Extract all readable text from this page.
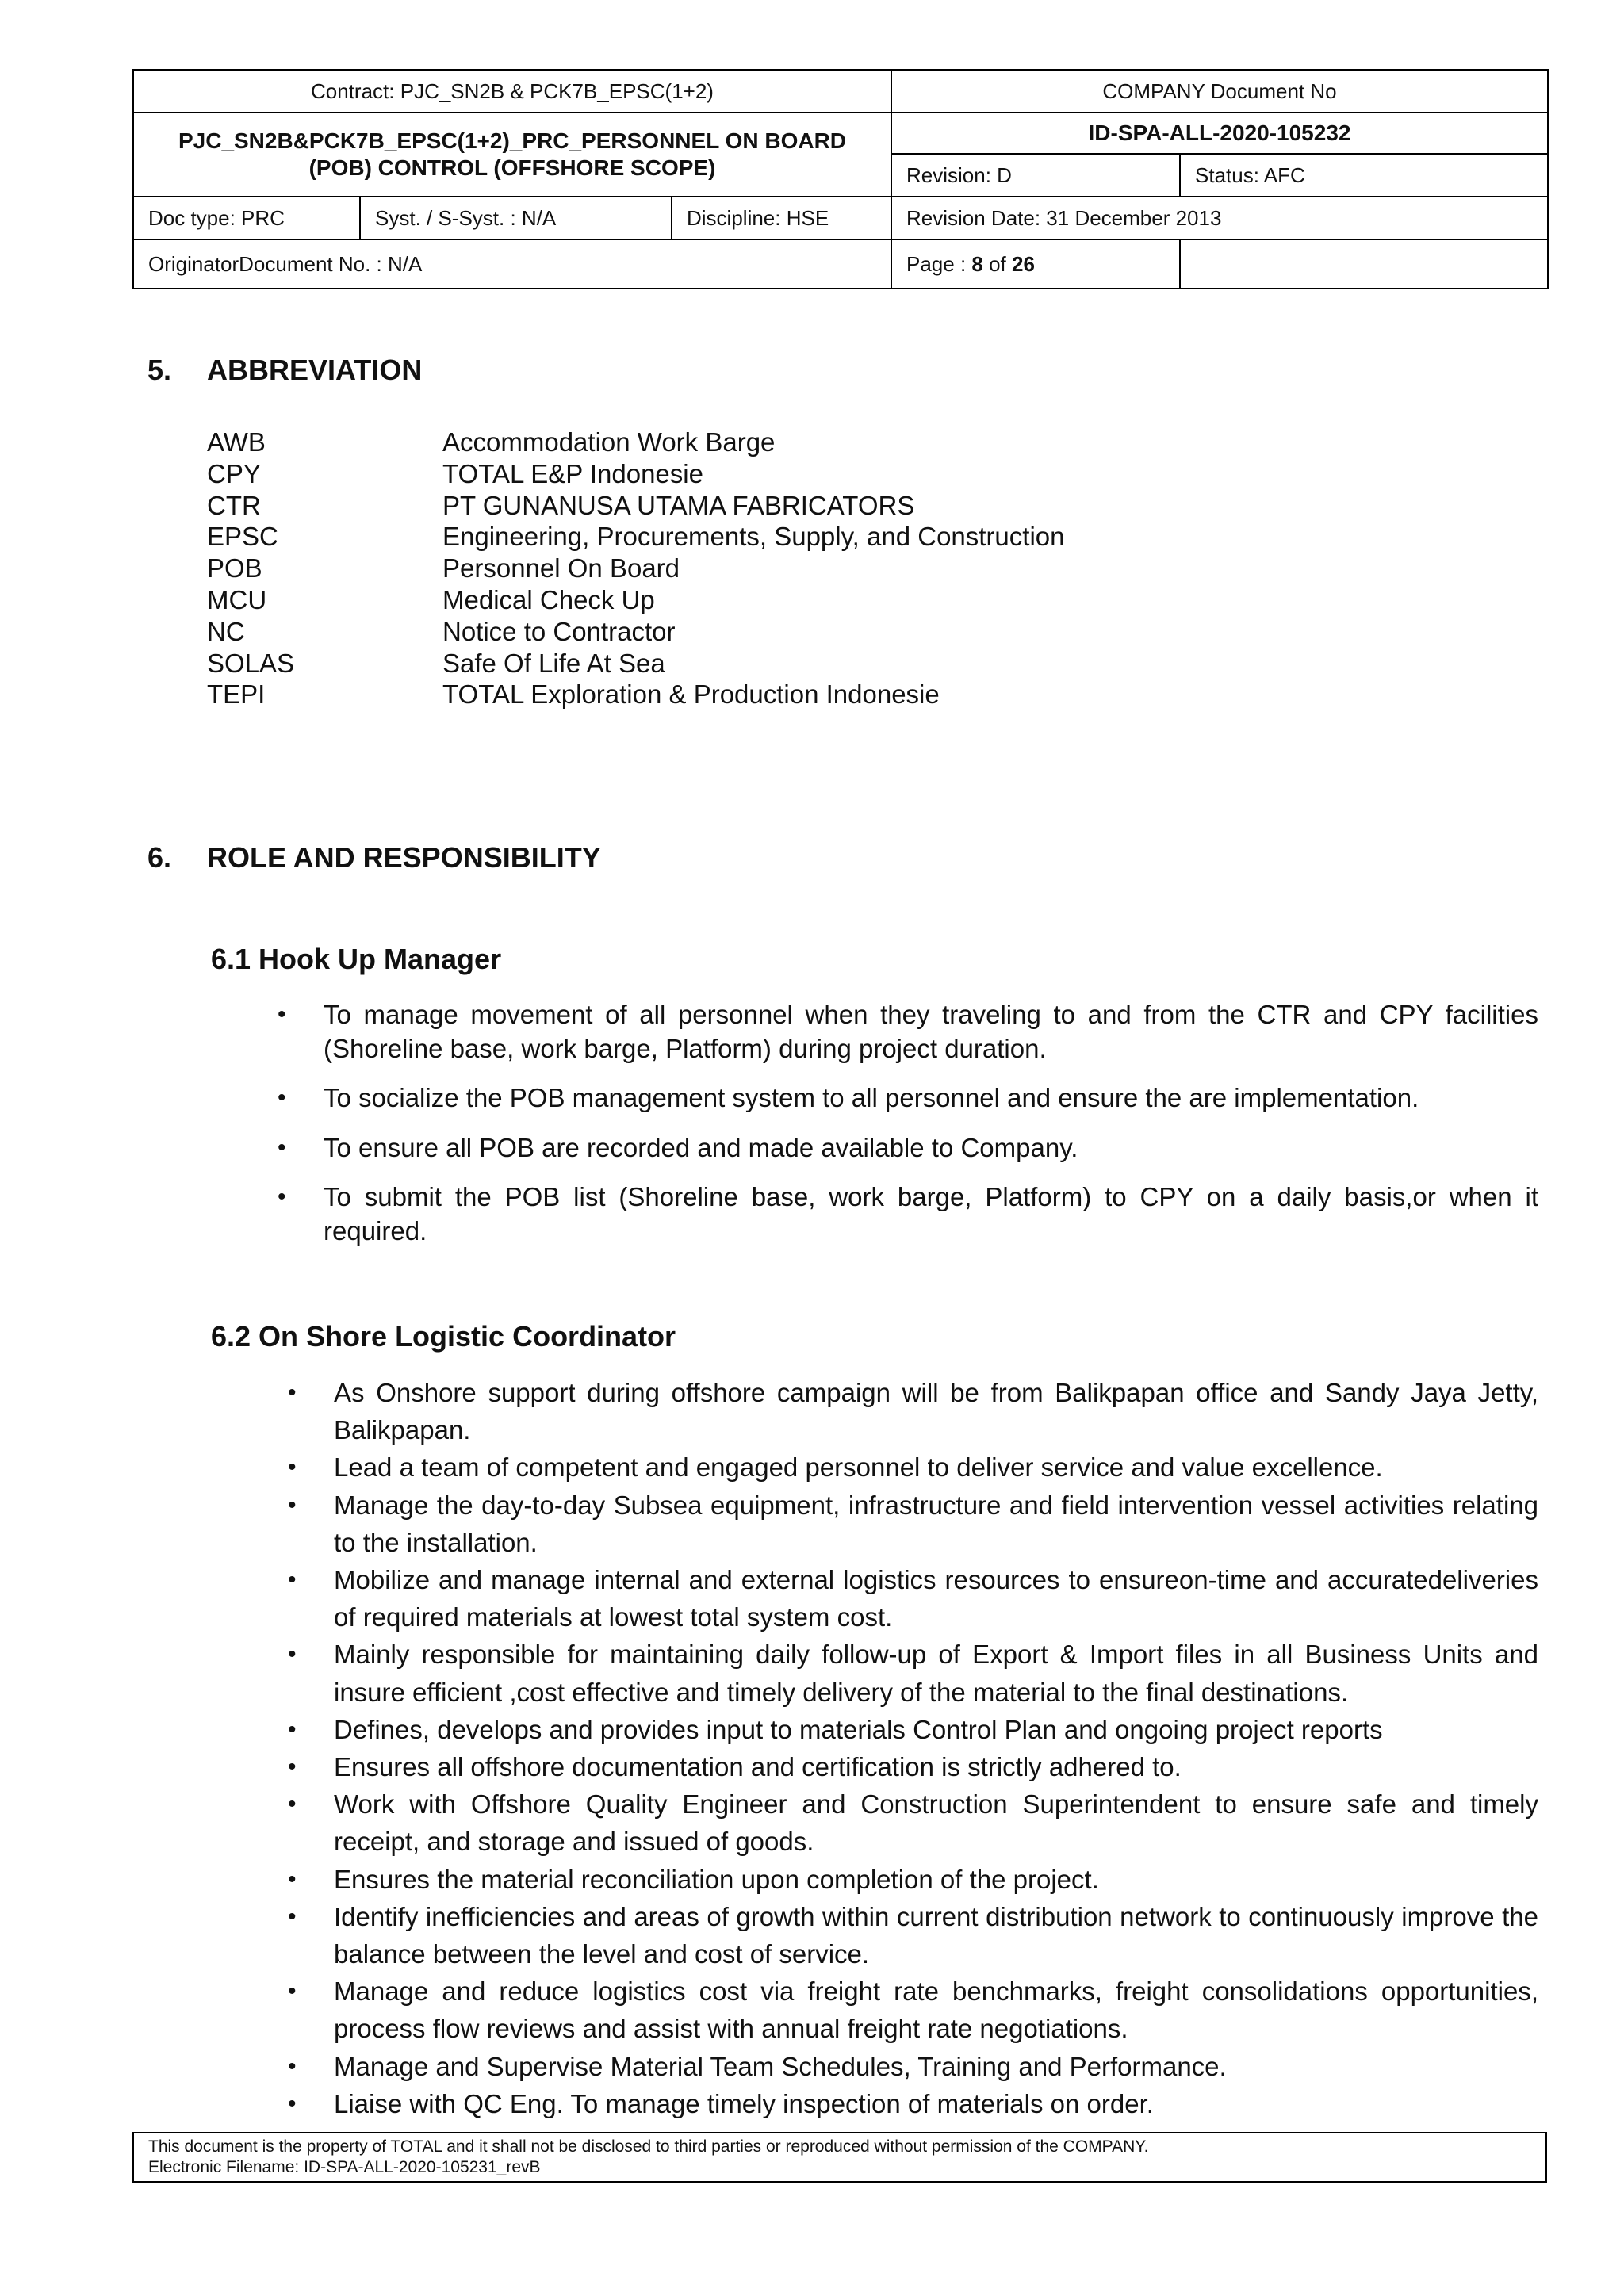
Contract: PJC_SN2B & PCK7B_EPSC(1+2)			COMPANY Document No	
PJC_SN2B&PCK7B_EPSC(1+2)_PRC_PERSONNEL ON BOARD (POB) CONTROL (OFFSHORE SCOPE)			ID-SPA-ALL-2020-105232	
			Revision: D	Status: AFC
Doc type: PRC	Syst. / S-Syst. : N/A	Discipline: HSE	Revision Date: 31 December 2013	
OriginatorDocument No. : N/A			Page : 8 of 26	
5. ABBREVIATION
AWB	Accommodation Work Barge
CPY	TOTAL E&P Indonesie
CTR	PT GUNANUSA UTAMA FABRICATORS
EPSC	Engineering, Procurements, Supply, and Construction
POB	Personnel On Board
MCU	Medical Check Up
NC	Notice to Contractor
SOLAS	Safe Of Life At Sea
TEPI	TOTAL Exploration & Production Indonesie
6. ROLE AND RESPONSIBILITY
6.1 Hook Up Manager
• To manage movement of all personnel when they traveling to and from the CTR and CPY facilities (Shoreline base, work barge, Platform) during project duration.
• To socialize the POB management system to all personnel and ensure the are implementation.
• To ensure all POB are recorded and made available to Company.
• To submit the POB list (Shoreline base, work barge, Platform) to CPY on a daily basis,or when it required.
6.2 On Shore Logistic Coordinator
• As Onshore support during offshore campaign will be from Balikpapan office and Sandy Jaya Jetty, Balikpapan.
• Lead a team of competent and engaged personnel to deliver service and value excellence.
• Manage the day-to-day Subsea equipment, infrastructure and field intervention vessel activities relating to the installation.
• Mobilize and manage internal and external logistics resources to ensureon-time and accuratedeliveries of required materials at lowest total system cost.
• Mainly responsible for maintaining daily follow-up of Export & Import files in all Business Units and insure efficient ,cost effective and timely delivery of the material to the final destinations.
• Defines, develops and provides input to materials Control Plan and ongoing project reports
• Ensures all offshore documentation and certification is strictly adhered to.
• Work with Offshore Quality Engineer and Construction Superintendent to ensure safe and timely receipt, and storage and issued of goods.
• Ensures the material reconciliation upon completion of the project.
• Identify inefficiencies and areas of growth within current distribution network to continuously improve the balance between the level and cost of service.
• Manage and reduce logistics cost via freight rate benchmarks, freight consolidations opportunities, process flow reviews and assist with annual freight rate negotiations.
• Manage and Supervise Material Team Schedules, Training and Performance.
• Liaise with QC Eng. To manage timely inspection of materials on order.
This document is the property of TOTAL and it shall not be disclosed to third parties or reproduced without permission of the COMPANY.
Electronic Filename: ID-SPA-ALL-2020-105231_revB
